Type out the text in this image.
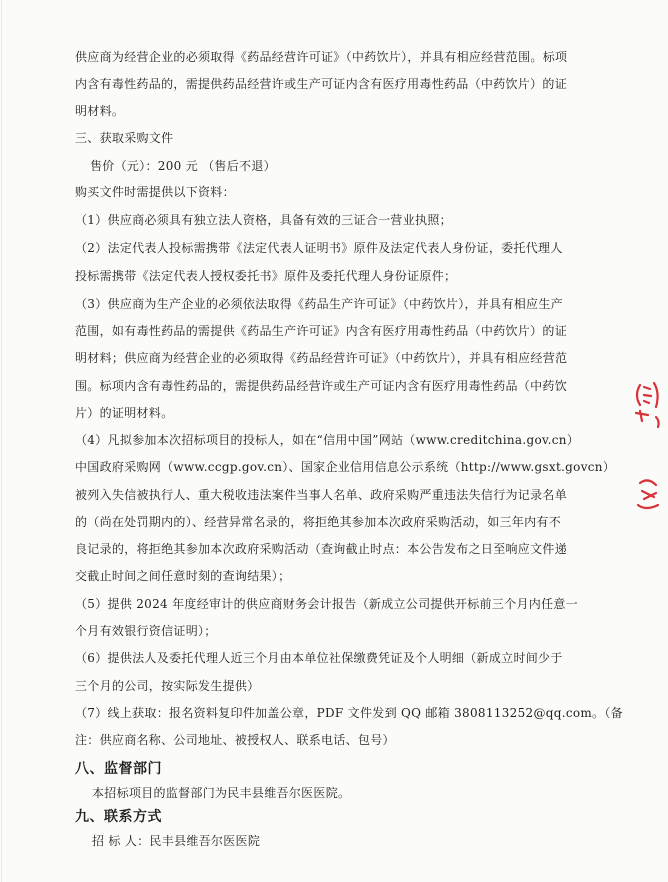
供应商为经营企业的必须取得《药品经营许可证》（中药饮片），并具有相应经营范围。标项
内含有毒性药品的，需提供药品经营许或生产可证内含有医疗用毒性药品（中药饮片）的证
明材料。
三、获取采购文件
售价（元）：200 元 （售后不退）
购买文件时需提供以下资料：
（1）供应商必须具有独立法人资格，具备有效的三证合一营业执照；
（2）法定代表人投标需携带《法定代表人证明书》原件及法定代表人身份证，委托代理人
投标需携带《法定代表人授权委托书》原件及委托代理人身份证原件；
（3）供应商为生产企业的必须依法取得《药品生产许可证》（中药饮片），并具有相应生产
范围，如有毒性药品的需提供《药品生产许可证》内含有医疗用毒性药品（中药饮片）的证
明材料；供应商为经营企业的必须取得《药品经营许可证》（中药饮片），并具有相应经营范
围。标项内含有毒性药品的，需提供药品经营许或生产可证内含有医疗用毒性药品（中药饮
片）的证明材料。
（4）凡拟参加本次招标项目的投标人，如在“信用中国”网站（www.creditchina.gov.cn）
中国政府采购网（www.ccgp.gov.cn）、国家企业信用信息公示系统（http://www.gsxt.govcn）
被列入失信被执行人、重大税收违法案件当事人名单、政府采购严重违法失信行为记录名单
的（尚在处罚期内的）、经营异常名录的，将拒绝其参加本次政府采购活动，如三年内有不
良记录的，将拒绝其参加本次政府采购活动（查询截止时点：本公告发布之日至响应文件递
交截止时间之间任意时刻的查询结果）；
（5）提供 2024 年度经审计的供应商财务会计报告（新成立公司提供开标前三个月内任意一
个月有效银行资信证明）；
（6）提供法人及委托代理人近三个月由本单位社保缴费凭证及个人明细（新成立时间少于
三个月的公司，按实际发生提供）
（7）线上获取：报名资料复印件加盖公章，PDF 文件发到 QQ 邮箱 3808113252@qq.com。（备
注：供应商名称、公司地址、被授权人、联系电话、包号）
八、监督部门
本招标项目的监督部门为民丰县维吾尔医医院。
九、联系方式
招 标 人：民丰县维吾尔医医院
